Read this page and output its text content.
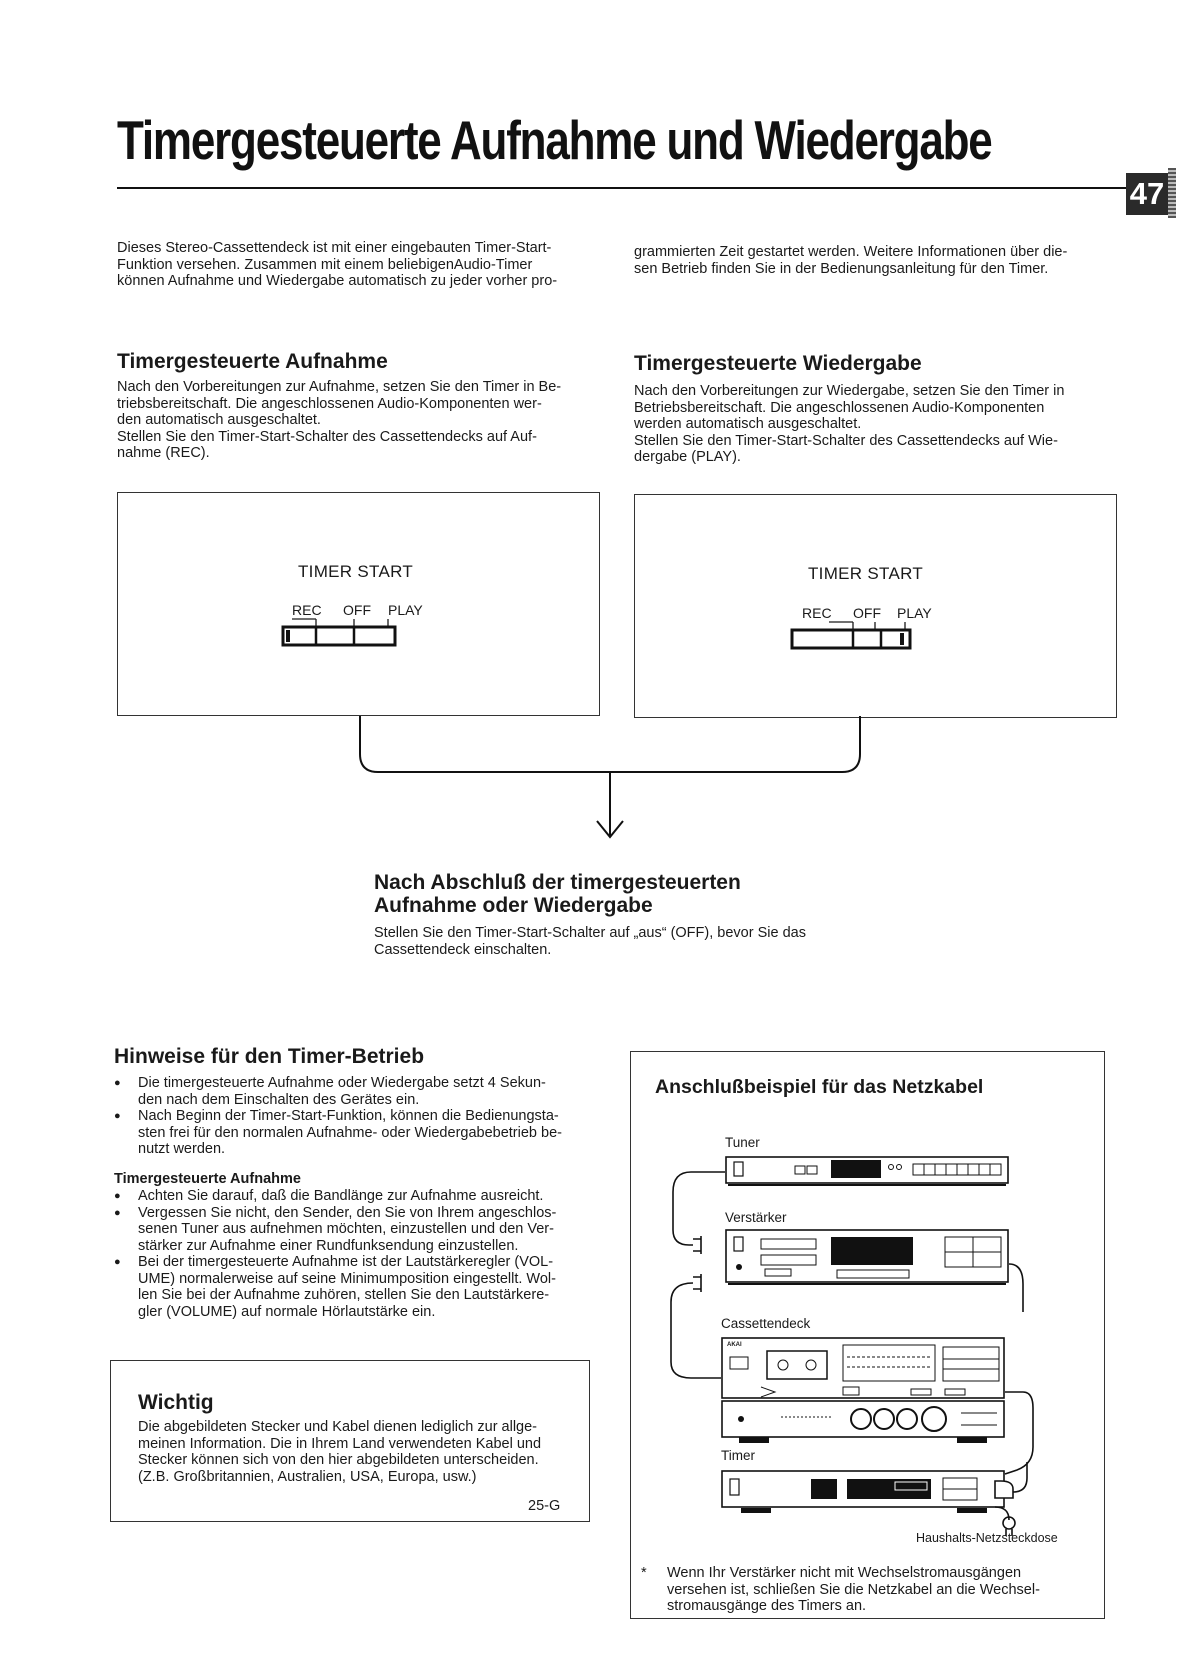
Timergesteuerte Aufnahme und Wiedergabe
47
Dieses Stereo-Cassettendeck ist mit einer eingebauten Timer-Start-
Funktion versehen. Zusammen mit einem beliebigenAudio-Timer
können Aufnahme und Wiedergabe automatisch zu jeder vorher pro-
grammierten Zeit gestartet werden. Weitere Informationen über die-
sen Betrieb finden Sie in der Bedienungsanleitung für den Timer.
Timergesteuerte Aufnahme
Nach den Vorbereitungen zur Aufnahme, setzen Sie den Timer in Be-
triebsbereitschaft. Die angeschlossenen Audio-Komponenten wer-
den automatisch ausgeschaltet.
Stellen Sie den Timer-Start-Schalter des Cassettendecks auf Auf-
nahme (REC).
Timergesteuerte Wiedergabe
Nach den Vorbereitungen zur Wiedergabe, setzen Sie den Timer in
Betriebsbereitschaft. Die angeschlossenen Audio-Komponenten
werden automatisch ausgeschaltet.
Stellen Sie den Timer-Start-Schalter des Cassettendecks auf Wie-
dergabe (PLAY).
TIMER START
REC OFF PLAY
TIMER START
REC OFF PLAY
Nach Abschluß der timergesteuerten
Aufnahme oder Wiedergabe
Stellen Sie den Timer-Start-Schalter auf „aus“ (OFF), bevor Sie das
Cassettendeck einschalten.
Hinweise für den Timer-Betrieb
● Die timergesteuerte Aufnahme oder Wiedergabe setzt 4 Sekun-
den nach dem Einschalten des Gerätes ein.
● Nach Beginn der Timer-Start-Funktion, können die Bedienungsta-
sten frei für den normalen Aufnahme- oder Wiedergabebetrieb be-
nutzt werden.
Timergesteuerte Aufnahme
● Achten Sie darauf, daß die Bandlänge zur Aufnahme ausreicht.
● Vergessen Sie nicht, den Sender, den Sie von Ihrem angeschlos-
senen Tuner aus aufnehmen möchten, einzustellen und den Ver-
stärker zur Aufnahme einer Rundfunksendung einzustellen.
● Bei der timergesteuerte Aufnahme ist der Lautstärkeregler (VOL-
UME) normalerweise auf seine Minimumposition eingestellt. Wol-
len Sie bei der Aufnahme zuhören, stellen Sie den Lautstärkere-
gler (VOLUME) auf normale Hörlautstärke ein.
Wichtig
Die abgebildeten Stecker und Kabel dienen lediglich zur allge-
meinen Information. Die in Ihrem Land verwendeten Kabel und
Stecker können sich von den hier abgebildeten unterscheiden.
(Z.B. Großbritannien, Australien, USA, Europa, usw.)
25-G
Anschlußbeispiel für das Netzkabel
Tuner
Verstärker
Cassettendeck
Timer
Haushalts-Netzsteckdose
AKAI
* Wenn Ihr Verstärker nicht mit Wechselstromausgängen
versehen ist, schließen Sie die Netzkabel an die Wechsel-
stromausgänge des Timers an.
